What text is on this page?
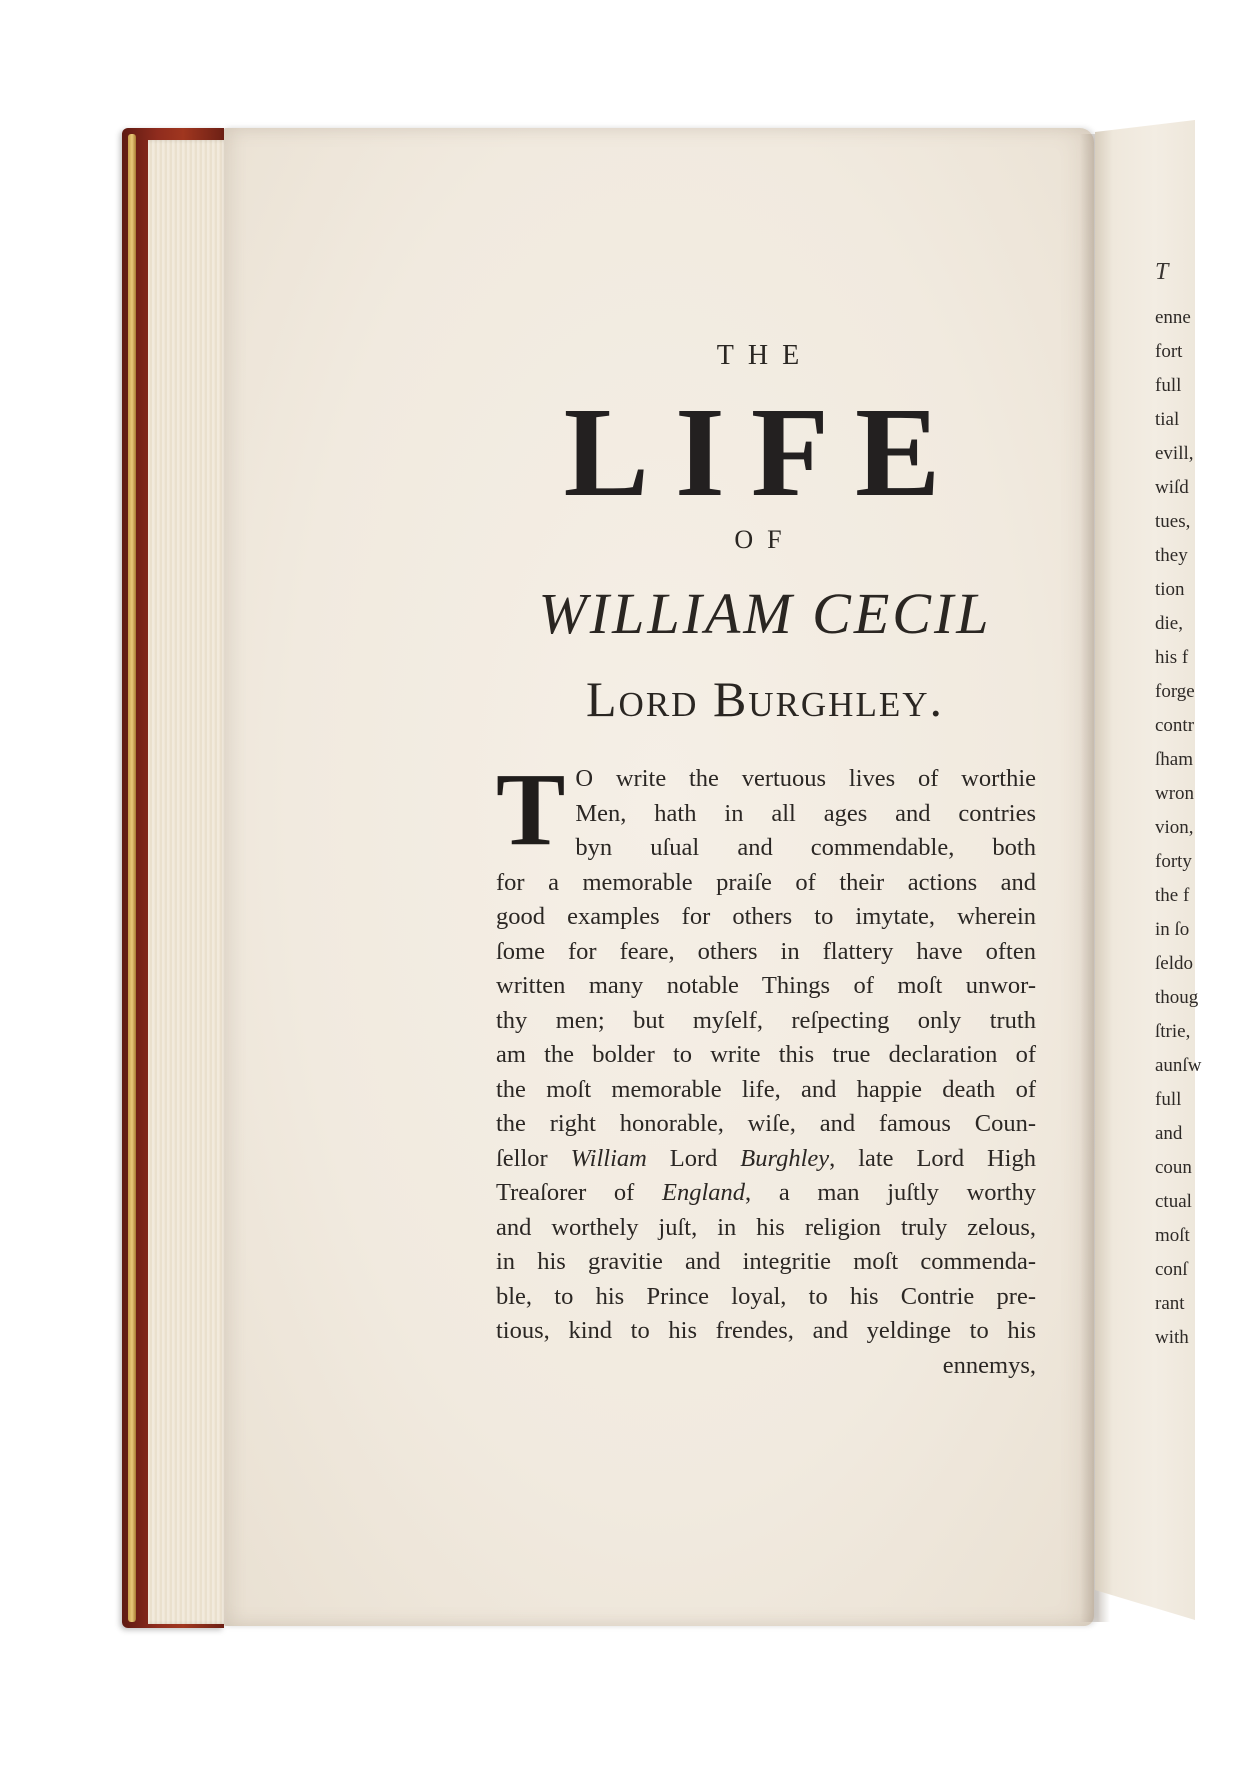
THE
LIFE
OF
WILLIAM CECIL
Lord Burghley.
T O write the vertuous lives of worthie
Men, hath in all ages and contries
byn uſual and commendable, both
for a memorable praiſe of their actions and
good examples for others to imytate, wherein
ſome for feare, others in flattery have often
written many notable Things of moſt unwor-
thy men; but myſelf, reſpecting only truth
am the bolder to write this true declaration of
the moſt memorable life, and happie death of
the right honorable, wiſe, and famous Coun-
ſellor William Lord Burghley, late Lord High
Treaſorer of England, a man juſtly worthy
and worthely juſt, in his religion truly zelous,
in his gravitie and integritie moſt commenda-
ble, to his Prince loyal, to his Contrie pre-
tious, kind to his frendes, and yeldinge to his
ennemys,
T
enne
fort
full
tial
evill,
wiſd
tues,
they
tion
die,
his f
forge
contr
ſham
wron
vion,
forty
the f
in ſo
ſeldo
thoug
ſtrie,
aunſw
full
and
coun
ctual
moſt
conſ
rant
with
